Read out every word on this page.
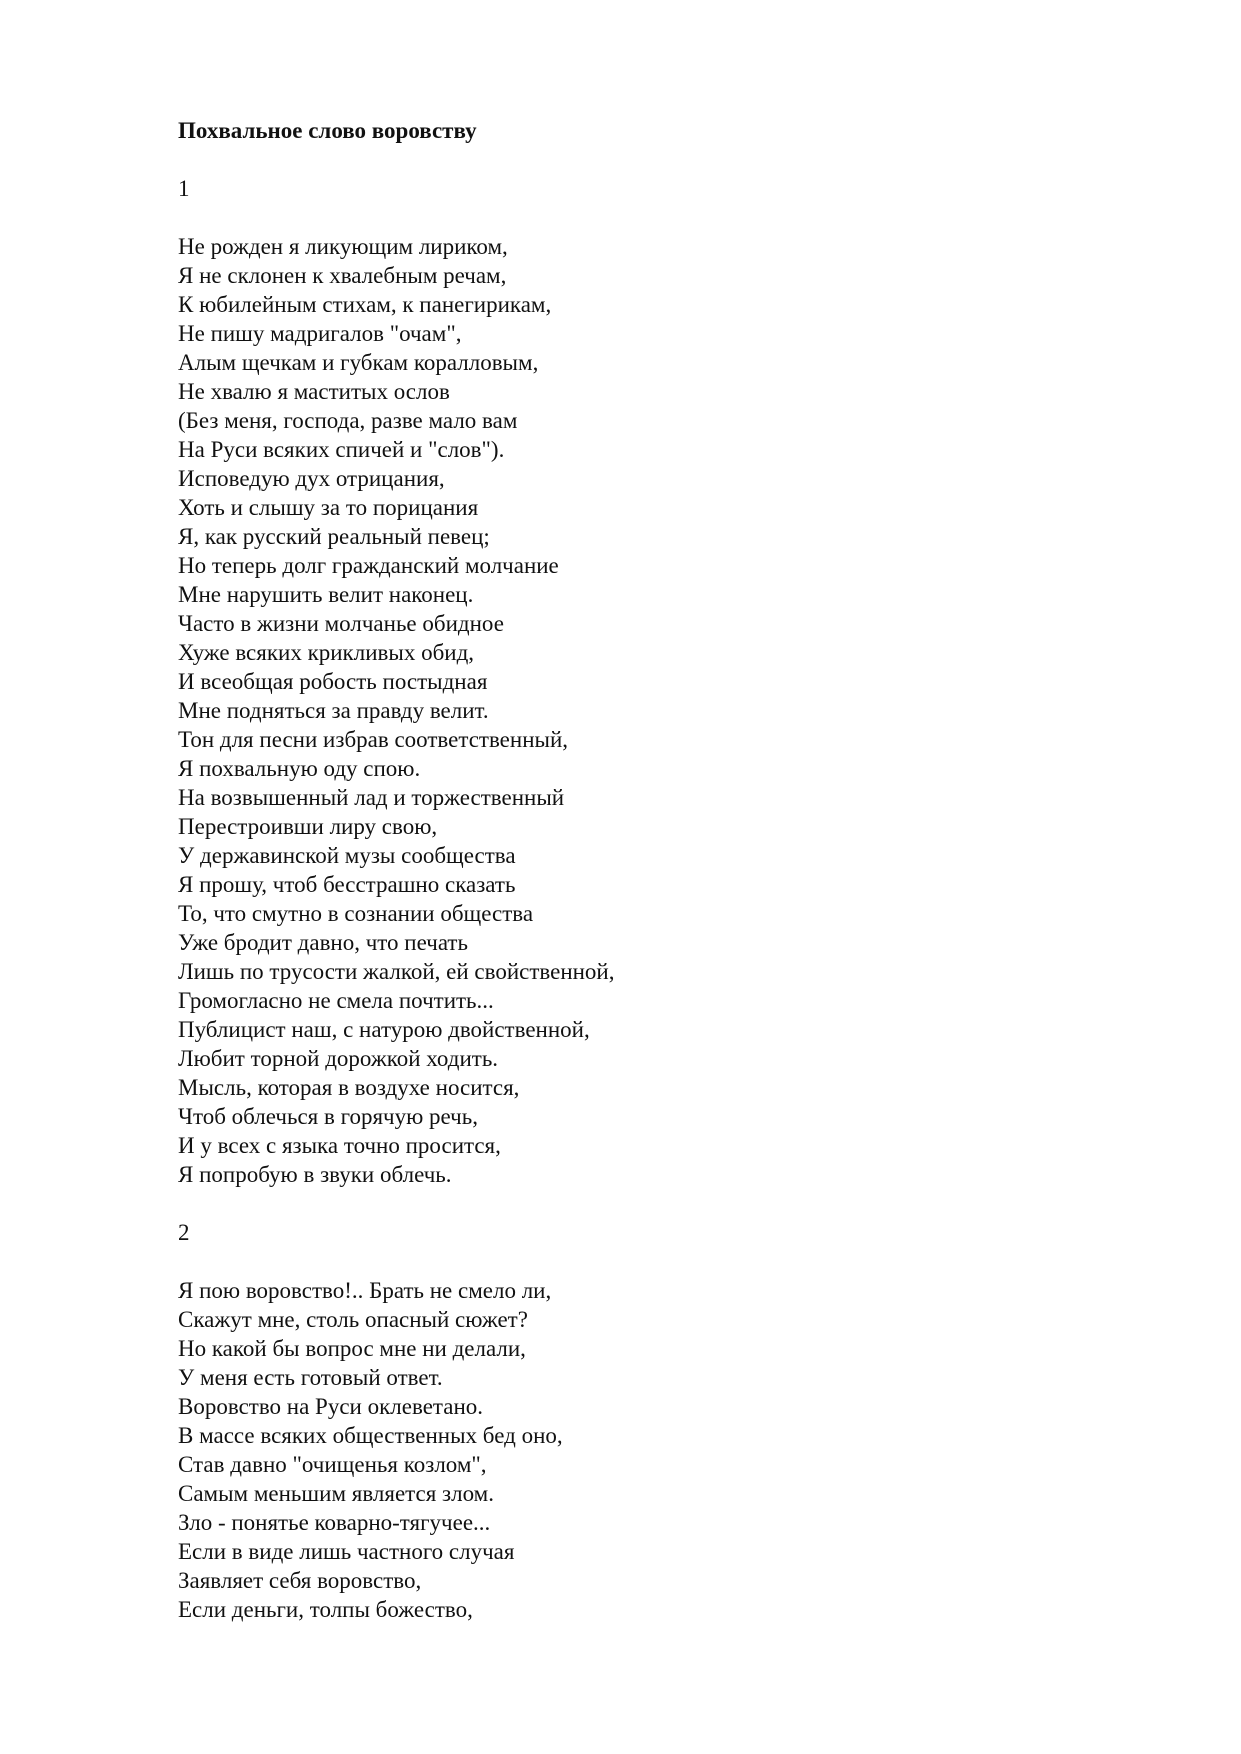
Похвальное слово воровству
1
Не рожден я ликующим лириком,
Я не склонен к хвалебным речам,
К юбилейным стихам, к панегирикам,
Не пишу мадригалов "очам",
Алым щечкам и губкам коралловым,
Не хвалю я маститых ослов
(Без меня, господа, разве мало вам
На Руси всяких спичей и "слов").
Исповедую дух отрицания,
Хоть и слышу за то порицания
Я, как русский реальный певец;
Но теперь долг гражданский молчание
Мне нарушить велит наконец.
Часто в жизни молчанье обидное
Хуже всяких крикливых обид,
И всеобщая робость постыдная
Мне подняться за правду велит.
Тон для песни избрав соответственный,
Я похвальную оду спою.
На возвышенный лад и торжественный
Перестроивши лиру свою,
У державинской музы сообщества
Я прошу, чтоб бесстрашно сказать
То, что смутно в сознании общества
Уже бродит давно, что печать
Лишь по трусости жалкой, ей свойственной,
Громогласно не смела почтить...
Публицист наш, с натурою двойственной,
Любит торной дорожкой ходить.
Мысль, которая в воздухе носится,
Чтоб облечься в горячую речь,
И у всех с языка точно просится,
Я попробую в звуки облечь.
2
Я пою воровство!.. Брать не смело ли,
Скажут мне, столь опасный сюжет?
Но какой бы вопрос мне ни делали,
У меня есть готовый ответ.
Воровство на Руси оклеветано.
В массе всяких общественных бед оно,
Став давно "очищенья козлом",
Самым меньшим является злом.
Зло - понятье коварно-тягучее...
Если в виде лишь частного случая
Заявляет себя воровство,
Если деньги, толпы божество,
